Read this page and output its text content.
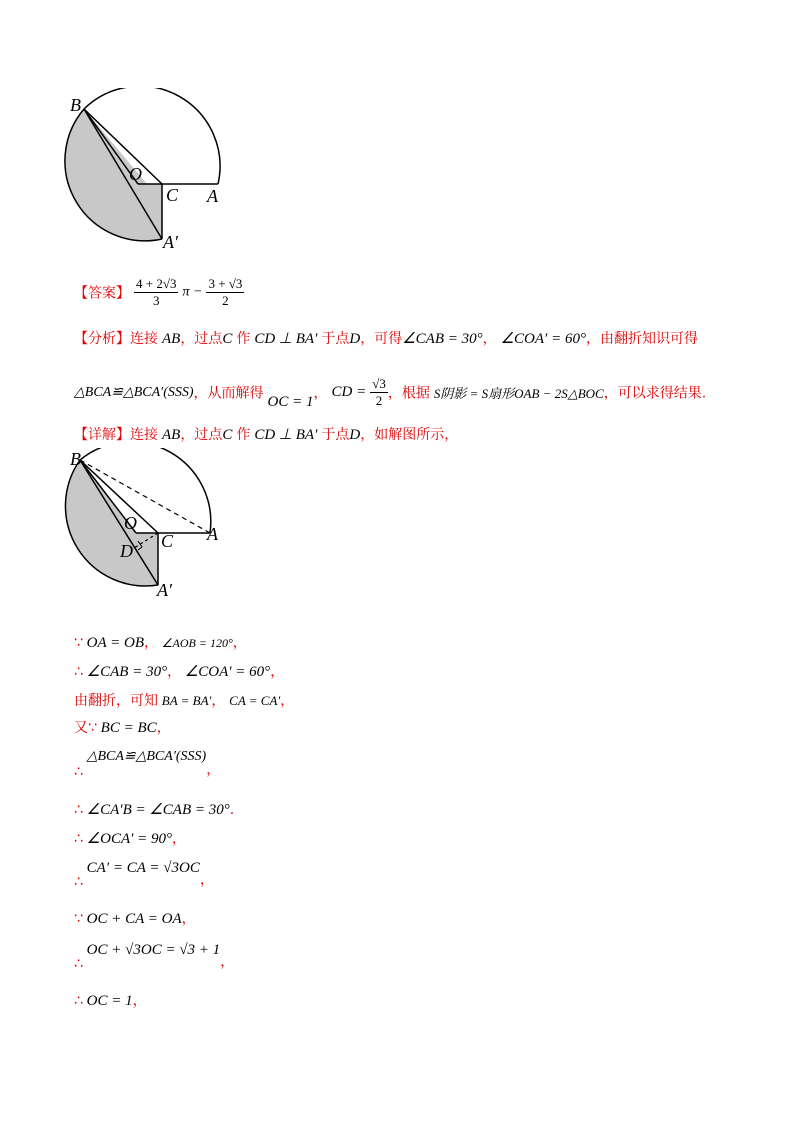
B
O
C A
A′
【答案】 $\frac{4 + 2√3}{3}$ $\pi - \frac{3 + √3}{2}$
【分析】连接 AB，过点C 作 CD ⊥ BA′ 于点D，可得∠CAB = 30°， ∠COA′ = 60°，由翻折知识可得
△BCA≌△BCA′(SSS)，从而解得 OC = 1， CD = $\frac{√3}{2}$ ，根据 S阴影 = S扇形OAB − 2S△BOC，可以求得结果.
【详解】连接 AB，过点C 作 CD ⊥ BA′ 于点D，如解图所示，
B
O
C A
D
A′
∵ OA = OB， ∠AOB = 120°，
∴ ∠CAB = 30°， ∠COA′ = 60°，
由翻折，可知 BA = BA′， CA = CA′，
又∵ BC = BC，
∴ △BCA≌△BCA′(SSS)，
∴ ∠CA′B = ∠CAB = 30°.
∴ ∠OCA′ = 90°，
∴ CA′ = CA = √3OC，
∵ OC + CA = OA，
∴ OC + √3OC = √3 + 1，
∴ OC = 1，
